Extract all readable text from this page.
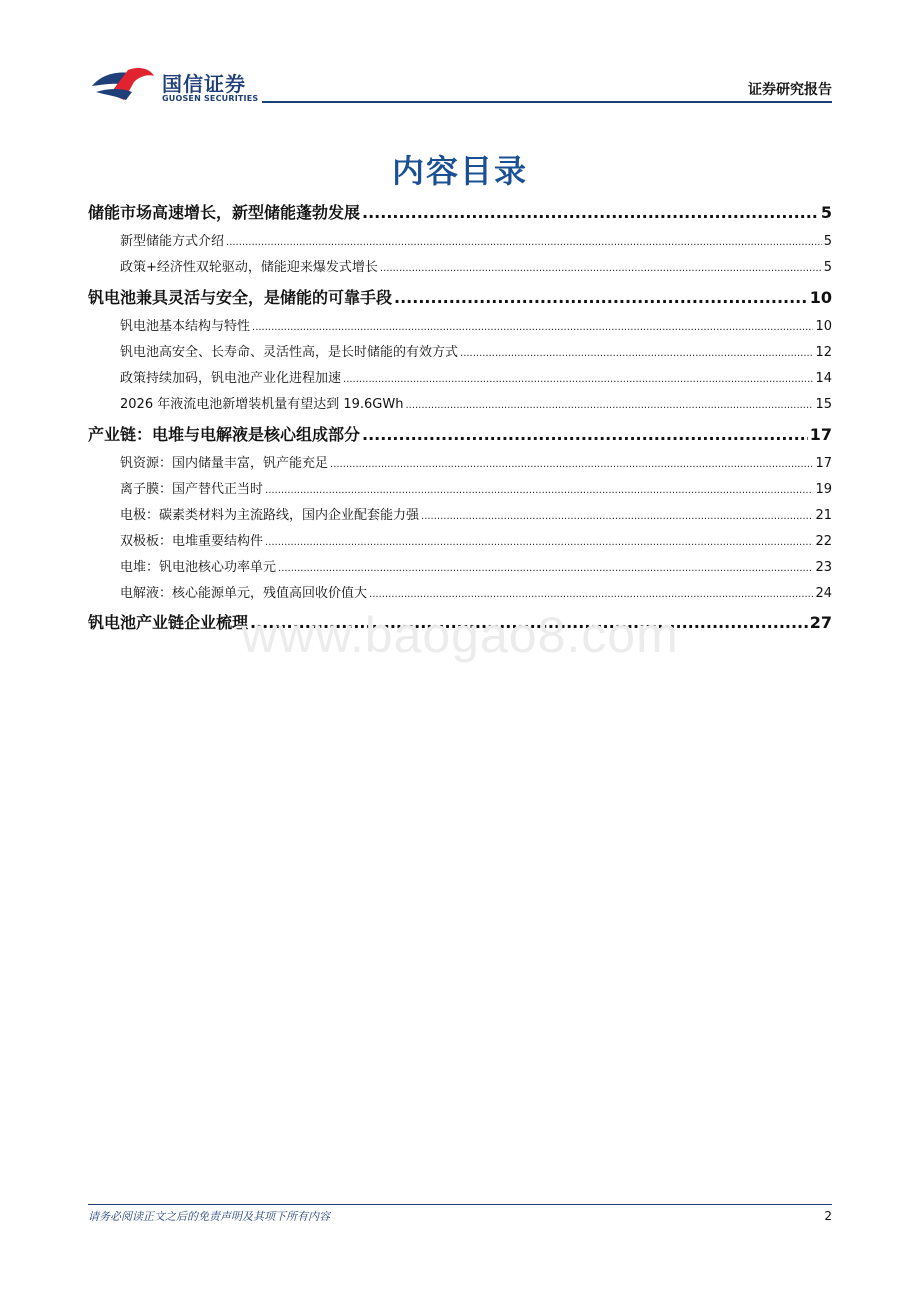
国信证券
GUOSEN SECURITIES
证券研究报告
内容目录
储能市场高速增长，新型储能蓬勃发展 .....	5
新型储能方式介绍 .....	5
政策+经济性双轮驱动，储能迎来爆发式增长 .....	5
钒电池兼具灵活与安全，是储能的可靠手段 .....	10
钒电池基本结构与特性 .....	10
钒电池高安全、长寿命、灵活性高，是长时储能的有效方式 .....	12
政策持续加码，钒电池产业化进程加速 .....	14
2026 年液流电池新增装机量有望达到 19.6GWh .....	15
产业链：电堆与电解液是核心组成部分 .....	17
钒资源：国内储量丰富，钒产能充足 .....	17
离子膜：国产替代正当时 .....	19
电极：碳素类材料为主流路线，国内企业配套能力强 .....	21
双极板：电堆重要结构件 .....	22
电堆：钒电池核心功率单元 .....	23
电解液：核心能源单元，残值高回收价值大 .....	24
钒电池产业链企业梳理 .....	27
www.baogao8.com
请务必阅读正文之后的免责声明及其项下所有内容	2
